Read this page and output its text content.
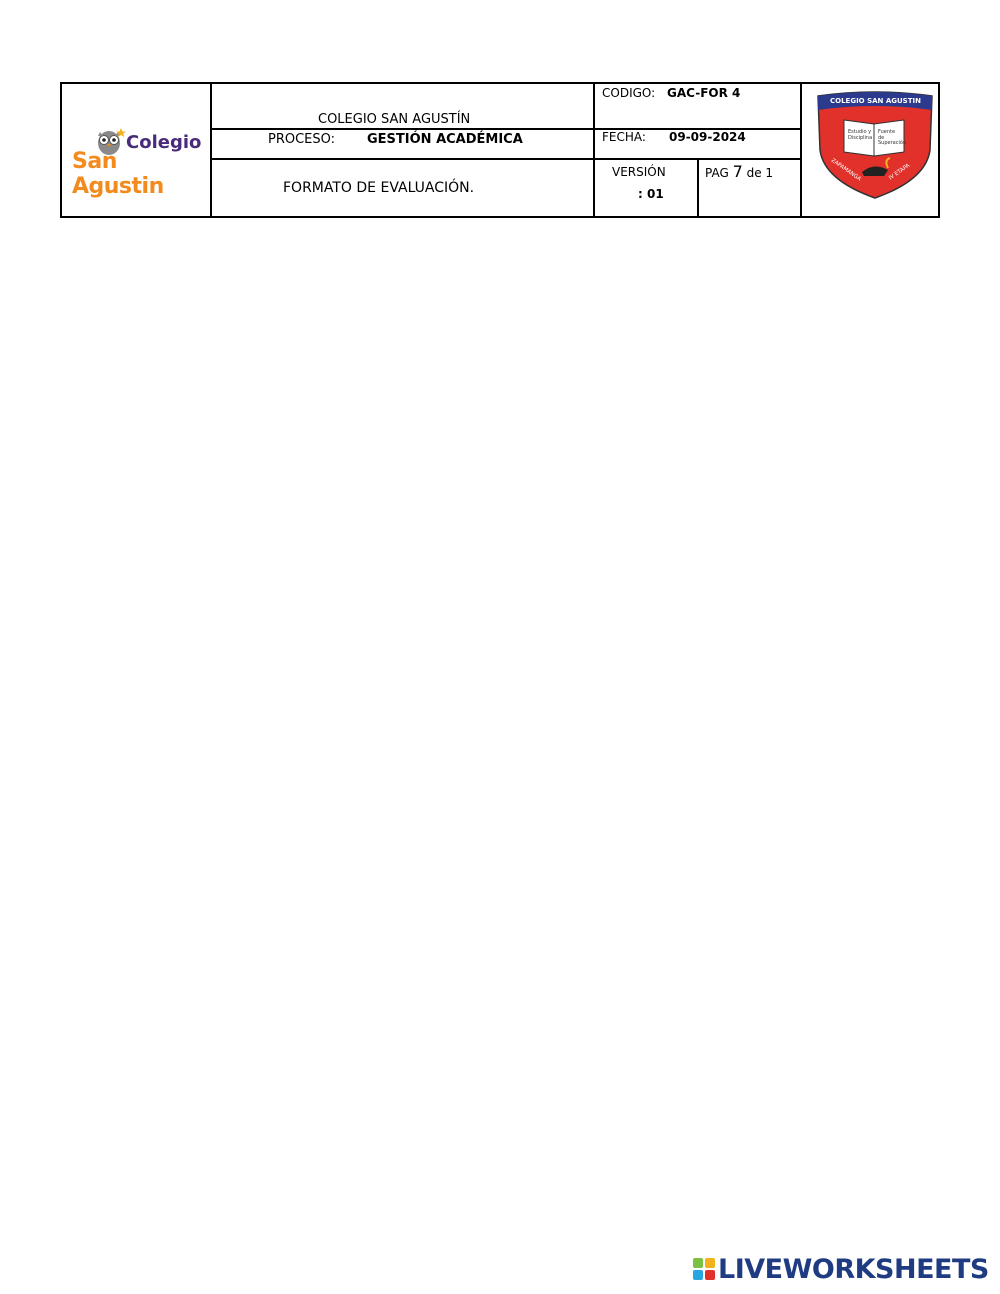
Colegio
San Agustin
COLEGIO SAN AGUSTÍN
PROCESO: GESTIÓN ACADÉMICA
FORMATO DE EVALUACIÓN.
CODIGO: GAC-FOR 4
FECHA: 09-09-2024
VERSIÓN
: 01
PAG 7 de 1
COLEGIO SAN AGUSTIN
Estudio y Disciplina
Fuente de Superación
ZAPAMANGA	IV ETAPA
LIVEWORKSHEETS
